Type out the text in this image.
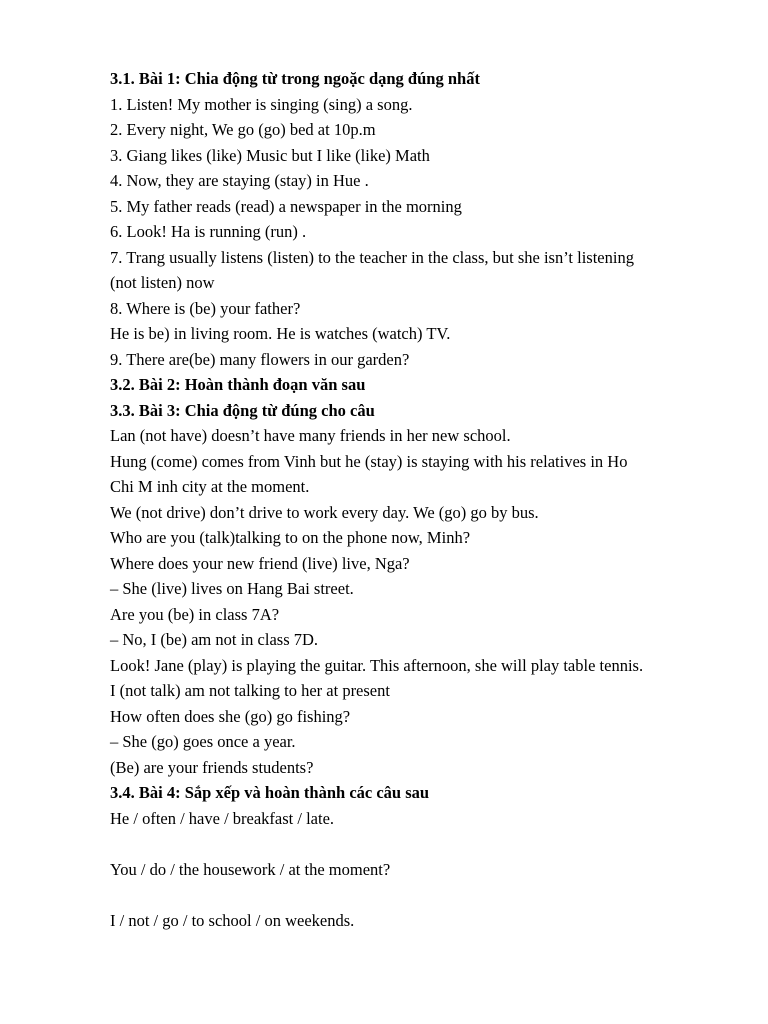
3.1. Bài 1: Chia động từ trong ngoặc dạng đúng nhất
1. Listen! My mother is singing (sing) a song.
2. Every night, We go (go) bed at 10p.m
3. Giang likes (like) Music but I like (like) Math
4. Now, they are staying (stay) in Hue .
5. My father reads (read) a newspaper in the morning
6. Look! Ha is running (run) .
7. Trang usually listens (listen) to the teacher in the class, but she isn’t listening
(not listen) now
8. Where is (be) your father?
He is be) in living room. He is watches (watch) TV.
9. There are(be) many flowers in our garden?
3.2. Bài 2: Hoàn thành đoạn văn sau
3.3. Bài 3: Chia động từ đúng cho câu
Lan (not have) doesn’t have many friends in her new school.
Hung (come) comes from Vinh but he (stay) is staying with his relatives in Ho
Chi M inh city at the moment.
We (not drive) don’t drive to work every day. We (go) go by bus.
Who are you (talk)talking to on the phone now, Minh?
Where does your new friend (live) live, Nga?
– She (live) lives on Hang Bai street.
Are you (be) in class 7A?
– No, I (be) am not in class 7D.
Look! Jane (play) is playing the guitar. This afternoon, she will play table tennis.
I (not talk) am not talking to her at present
How often does she (go) go fishing?
– She (go) goes once a year.
(Be) are your friends students?
3.4. Bài 4: Sắp xếp và hoàn thành các câu sau
He / often / have / breakfast / late.
You / do / the housework / at the moment?
I / not / go / to school / on weekends.
